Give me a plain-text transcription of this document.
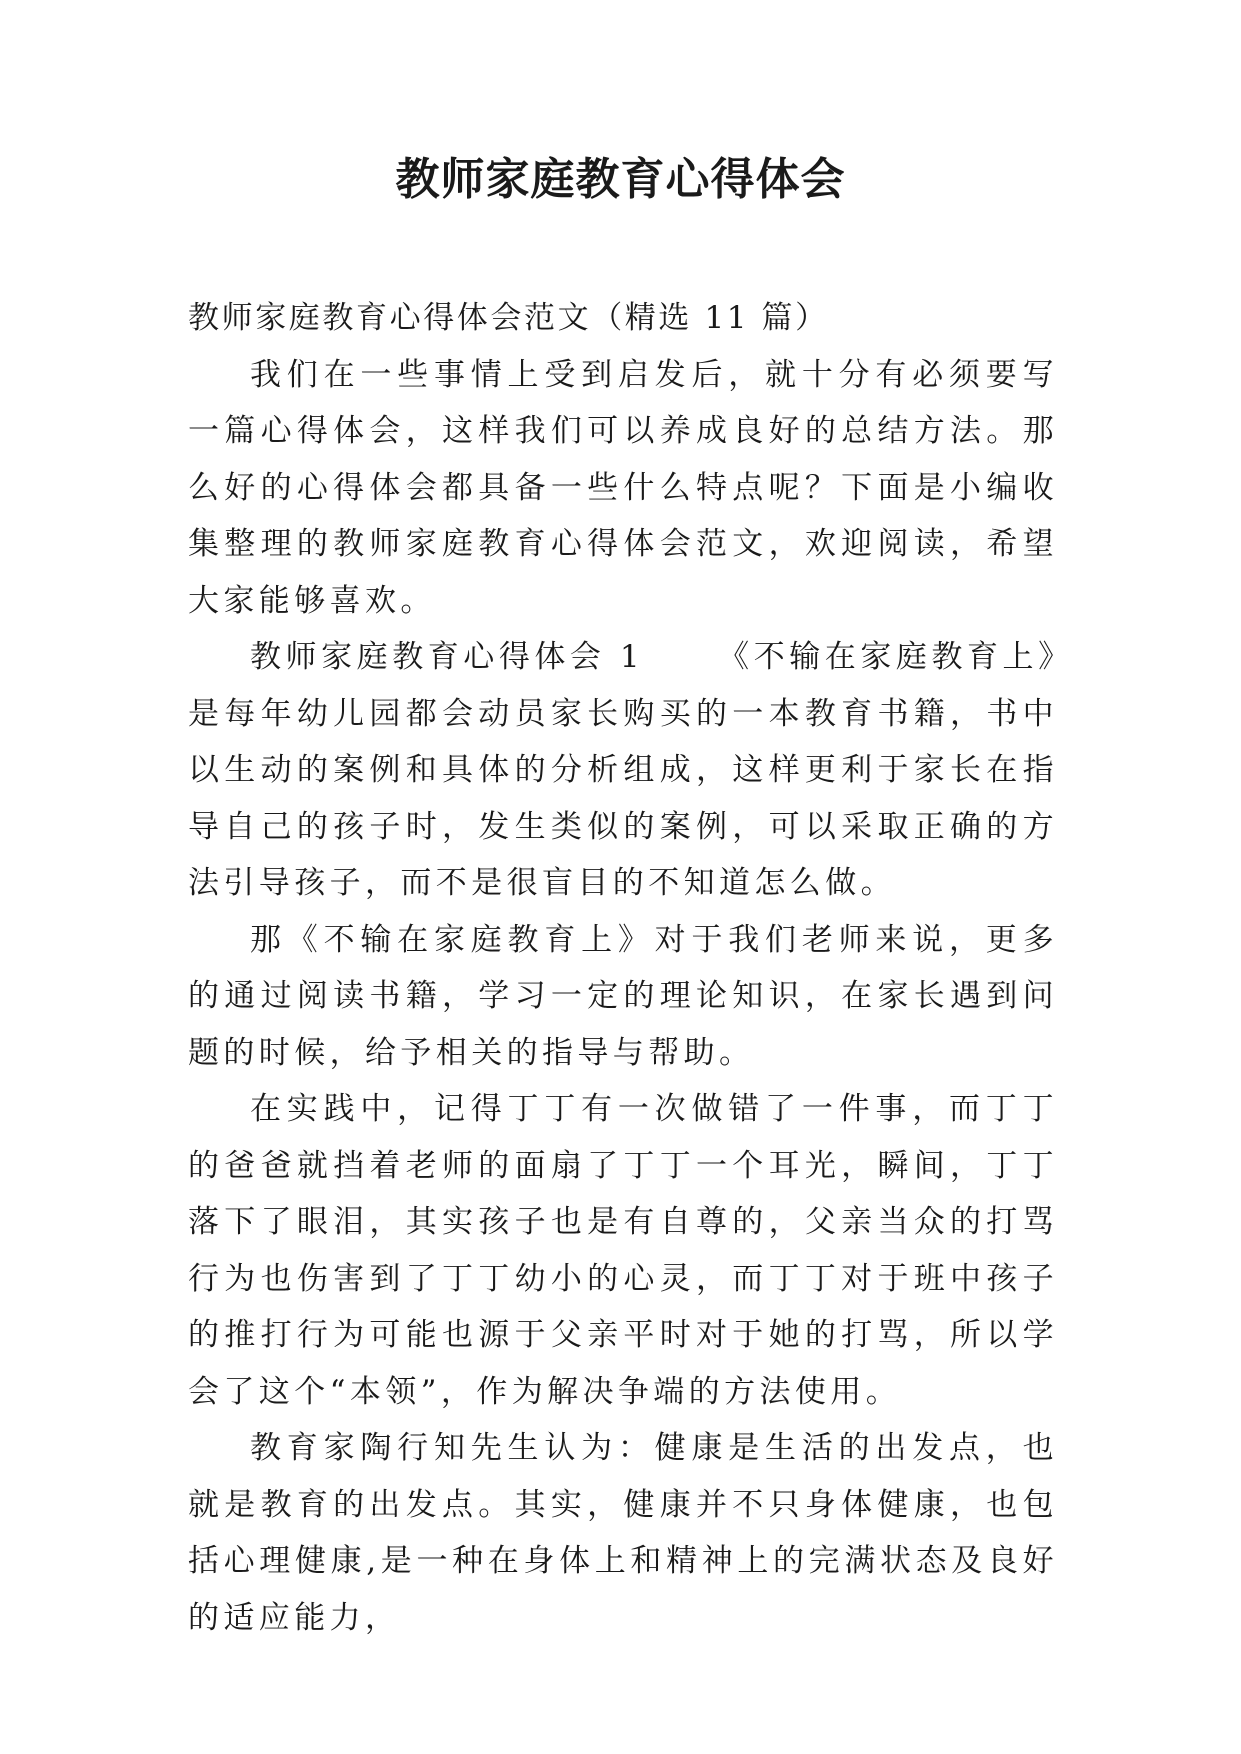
教师家庭教育心得体会

教师家庭教育心得体会范文（精选 11 篇）

我们在一些事情上受到启发后，就十分有必须要写一篇心得体会，这样我们可以养成良好的总结方法。那么好的心得体会都具备一些什么特点呢？下面是小编收集整理的教师家庭教育心得体会范文，欢迎阅读，希望大家能够喜欢。

教师家庭教育心得体会 1 《不输在家庭教育上》是每年幼儿园都会动员家长购买的一本教育书籍，书中以生动的案例和具体的分析组成，这样更利于家长在指导自己的孩子时，发生类似的案例，可以采取正确的方法引导孩子，而不是很盲目的不知道怎么做。

那《不输在家庭教育上》对于我们老师来说，更多的通过阅读书籍，学习一定的理论知识，在家长遇到问题的时候，给予相关的指导与帮助。

在实践中，记得丁丁有一次做错了一件事，而丁丁的爸爸就挡着老师的面扇了丁丁一个耳光，瞬间，丁丁落下了眼泪，其实孩子也是有自尊的，父亲当众的打骂行为也伤害到了丁丁幼小的心灵，而丁丁对于班中孩子的推打行为可能也源于父亲平时对于她的打骂，所以学会了这个“本领”，作为解决争端的方法使用。

教育家陶行知先生认为：健康是生活的出发点，也就是教育的出发点。其实，健康并不只身体健康，也包括心理健康,是一种在身体上和精神上的完满状态及良好的适应能力，
